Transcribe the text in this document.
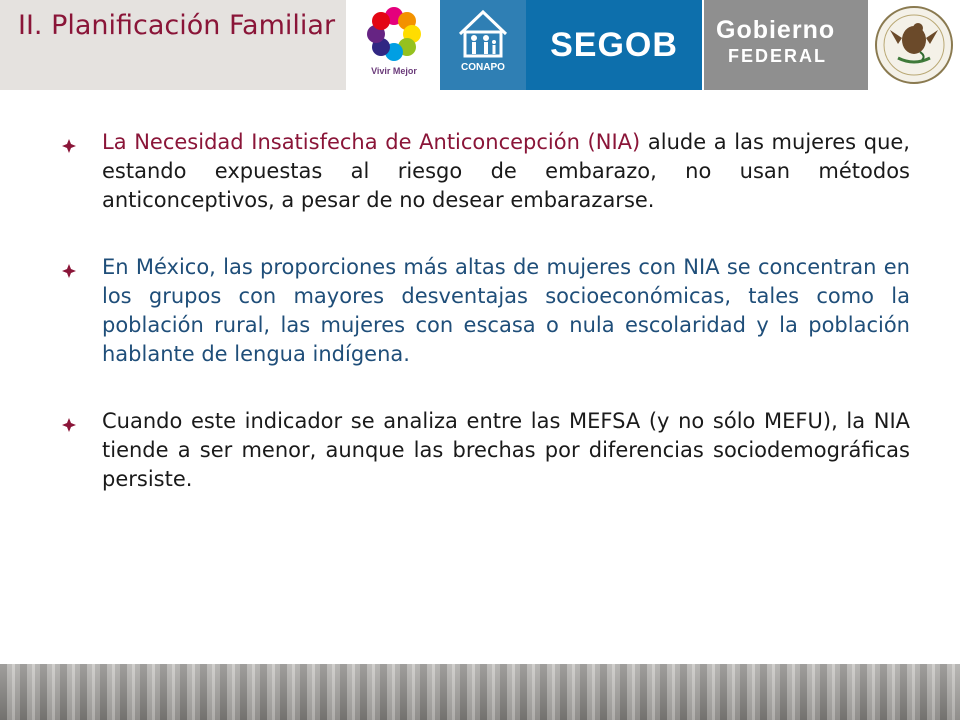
II. Planificación Familiar
Vivir Mejor	CONAPO
SEGOB	Gobierno
FEDERAL

La Necesidad Insatisfecha de Anticoncepción (NIA) alude a las mujeres que, estando expuestas al riesgo de embarazo, no usan métodos anticonceptivos, a pesar de no desear embarazarse.

En México, las proporciones más altas de mujeres con NIA se concentran en los grupos con mayores desventajas socioeconómicas, tales como la población rural, las mujeres con escasa o nula escolaridad y la población hablante de lengua indígena.

Cuando este indicador se analiza entre las MEFSA (y no sólo MEFU), la NIA tiende a ser menor, aunque las brechas por diferencias sociodemográficas persiste.
